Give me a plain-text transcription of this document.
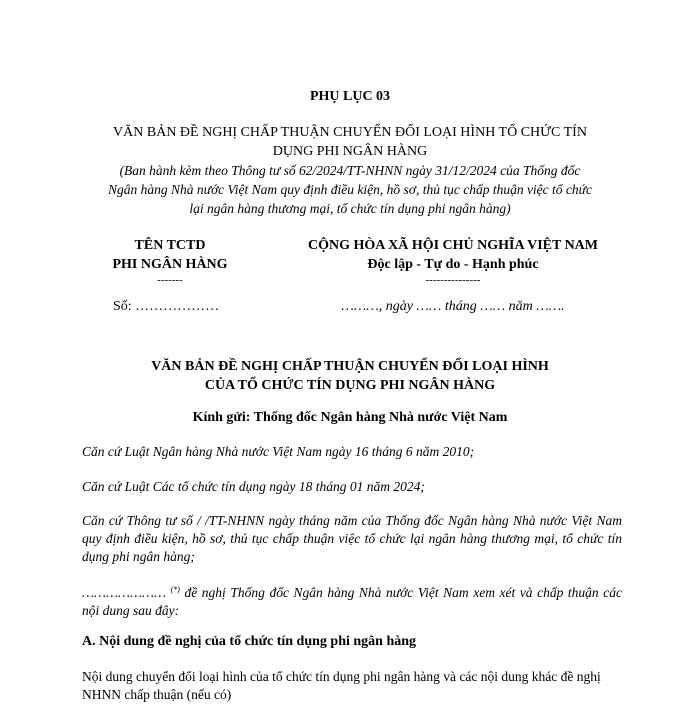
PHỤ LỤC 03
VĂN BẢN ĐỀ NGHỊ CHẤP THUẬN CHUYỂN ĐỔI LOẠI HÌNH TỔ CHỨC TÍN
DỤNG PHI NGÂN HÀNG
(Ban hành kèm theo Thông tư số 62/2024/TT-NHNN ngày 31/12/2024 của Thống đốc
Ngân hàng Nhà nước Việt Nam quy định điều kiện, hồ sơ, thủ tục chấp thuận việc tổ chức
lại ngân hàng thương mại, tổ chức tín dụng phi ngân hàng)
TÊN TCTD
PHI NGÂN HÀNG
-------
CỘNG HÒA XÃ HỘI CHỦ NGHĨA VIỆT NAM
Độc lập - Tự do - Hạnh phúc
---------------
Số: ………………	………, ngày …… tháng …… năm …….
VĂN BẢN ĐỀ NGHỊ CHẤP THUẬN CHUYỂN ĐỔI LOẠI HÌNH
CỦA TỔ CHỨC TÍN DỤNG PHI NGÂN HÀNG
Kính gửi: Thống đốc Ngân hàng Nhà nước Việt Nam
Căn cứ Luật Ngân hàng Nhà nước Việt Nam ngày 16 tháng 6 năm 2010;
Căn cứ Luật Các tổ chức tín dụng ngày 18 tháng 01 năm 2024;
Căn cứ Thông tư số / /TT-NHNN ngày tháng năm của Thống đốc Ngân hàng Nhà nước Việt Nam quy định điều kiện, hồ sơ, thủ tục chấp thuận việc tổ chức lại ngân hàng thương mại, tổ chức tín dụng phi ngân hàng;
………………… (*) đề nghị Thống đốc Ngân hàng Nhà nước Việt Nam xem xét và chấp thuận các nội dung sau đây:
A. Nội dung đề nghị của tổ chức tín dụng phi ngân hàng
Nội dung chuyển đổi loại hình của tổ chức tín dụng phi ngân hàng và các nội dung khác đề nghị NHNN chấp thuận (nếu có)
